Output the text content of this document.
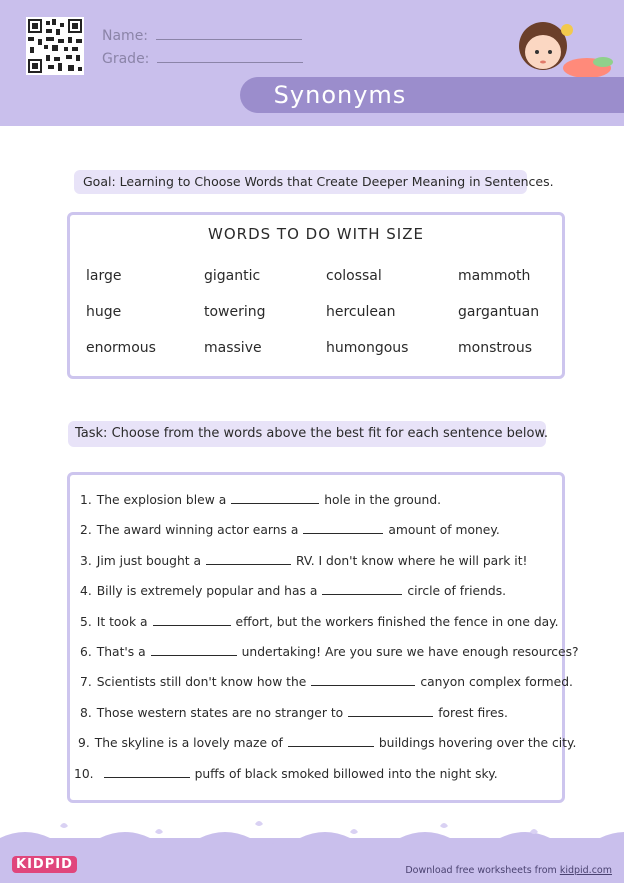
Name:
Grade:
Synonyms
Goal: Learning to Choose Words that Create Deeper Meaning in Sentences.
WORDS TO DO WITH SIZE
large	gigantic	colossal	mammoth
huge	towering	herculean	gargantuan
enormous	massive	humongous	monstrous
Task: Choose from the words above the best fit for each sentence below.
1. The explosion blew a	hole in the ground.
2. The award winning actor earns a	amount of money.
3. Jim just bought a	RV. I don't know where he will park it!
4. Billy is extremely popular and has a	circle of friends.
5. It took a	effort, but the workers finished the fence in one day.
6. That's a	undertaking! Are you sure we have enough resources?
7. Scientists still don't know how the	canyon complex formed.
8. Those western states are no stranger to	forest fires.
9. The skyline is a lovely maze of	buildings hovering over the city.
10.	puffs of black smoked billowed into the night sky.
KIDPID	Download free worksheets from kidpid.com
